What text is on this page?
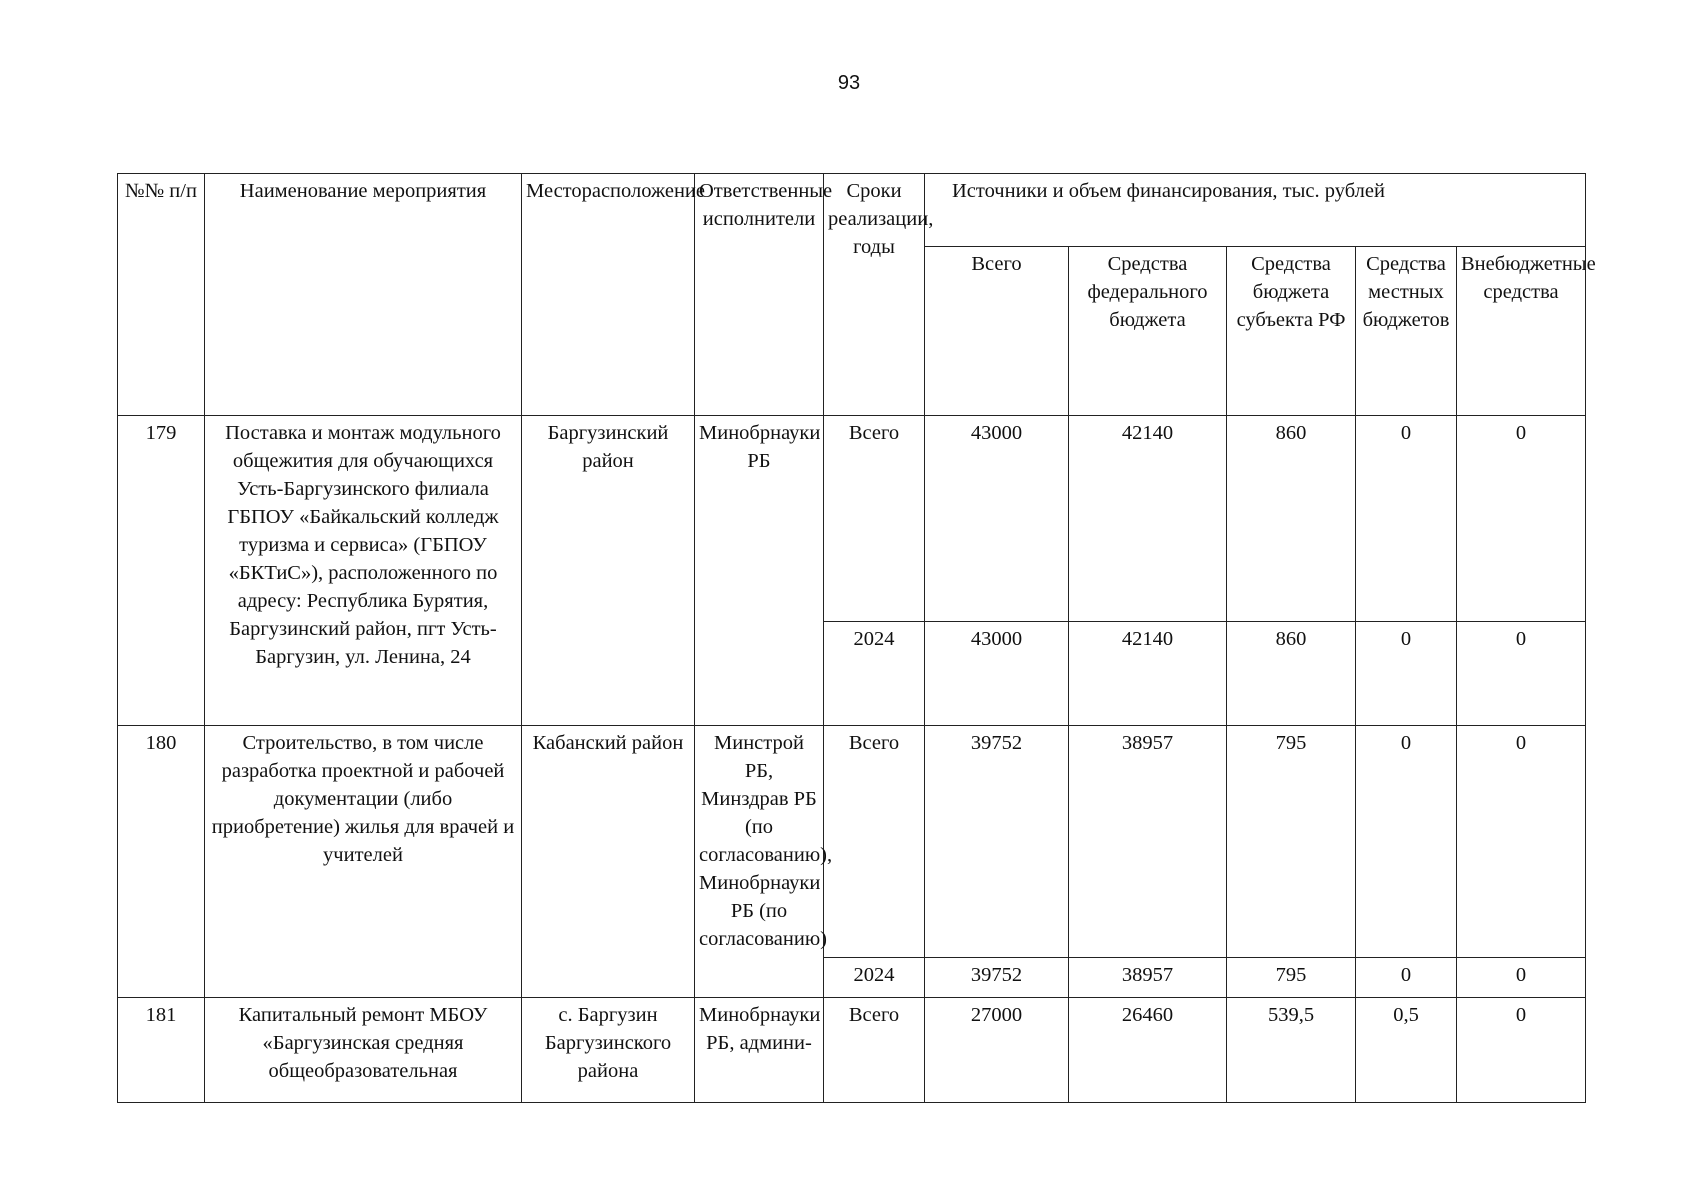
93
№№ п/п	Наименование мероприятия	Месторасположение	Ответственные исполнители	Сроки реализации, годы	Источники и объем финансирования, тыс. рублей				
					Всего	Средства федерального бюджета	Средства бюджета субъекта РФ	Средства местных бюджетов	Внебюджетные средства
179	Поставка и монтаж модульного общежития для обучающихся Усть-Баргузинского филиала ГБПОУ «Байкальский колледж туризма и сервиса» (ГБПОУ «БКТиС»), расположенного по адресу: Республика Бурятия, Баргузинский район, пгт Усть-Баргузин, ул. Ленина, 24	Баргузинский район	Минобрнауки РБ	Всего	43000	42140	860	0	0
				2024	43000	42140	860	0	0
180	Строительство, в том числе разработка проектной и рабочей документации (либо приобретение) жилья для врачей и учителей	Кабанский район	Минстрой РБ, Минздрав РБ (по согласованию), Минобрнауки РБ (по согласованию)	Всего	39752	38957	795	0	0
				2024	39752	38957	795	0	0
181	Капитальный ремонт МБОУ «Баргузинская средняя общеобразовательная	с. Баргузин Баргузинского района	Минобрнауки РБ, админи-	Всего	27000	26460	539,5	0,5	0
